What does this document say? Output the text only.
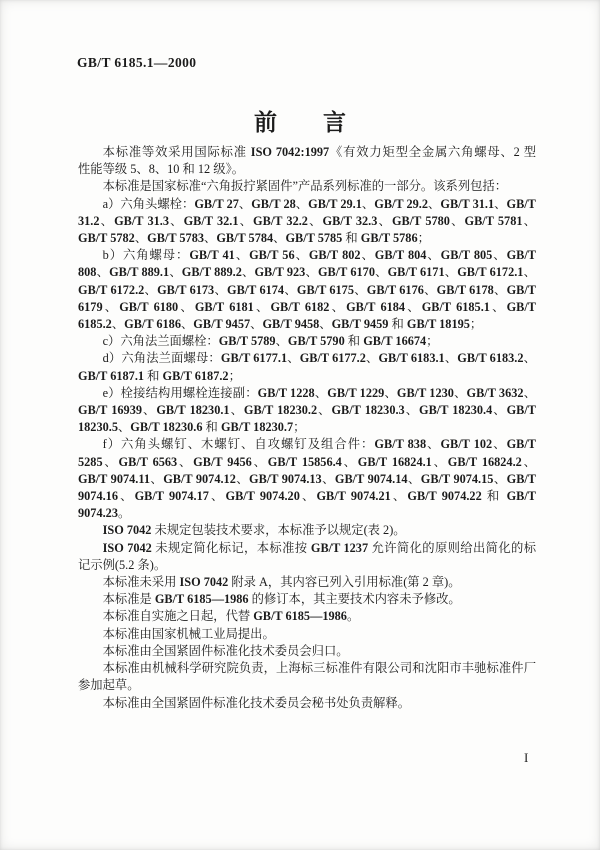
GB/T 6185.1—2000
前　　言

本标准等效采用国际标准 ISO 7042:1997《有效力矩型全金属六角螺母、2 型　性能等级 5、8、10 和 12 级》。

本标准是国家标准“六角扳拧紧固件”产品系列标准的一部分。该系列包括：

a）六角头螺栓：GB/T 27、GB/T 28、GB/T 29.1、GB/T 29.2、GB/T 31.1、GB/T 31.2、GB/T 31.3、GB/T 32.1、GB/T 32.2、GB/T 32.3、GB/T 5780、GB/T 5781、GB/T 5782、GB/T 5783、GB/T 5784、GB/T 5785 和 GB/T 5786；

b）六角螺母：GB/T 41、GB/T 56、GB/T 802、GB/T 804、GB/T 805、GB/T 808、GB/T 889.1、GB/T 889.2、GB/T 923、GB/T 6170、GB/T 6171、GB/T 6172.1、GB/T 6172.2、GB/T 6173、GB/T 6174、GB/T 6175、GB/T 6176、GB/T 6178、GB/T 6179、GB/T 6180、GB/T 6181、GB/T 6182、GB/T 6184、GB/T 6185.1、GB/T 6185.2、GB/T 6186、GB/T 9457、GB/T 9458、GB/T 9459 和 GB/T 18195；

c）六角法兰面螺栓：GB/T 5789、GB/T 5790 和 GB/T 16674；

d）六角法兰面螺母：GB/T 6177.1、GB/T 6177.2、GB/T 6183.1、GB/T 6183.2、GB/T 6187.1 和 GB/T 6187.2；

e）栓接结构用螺栓连接副：GB/T 1228、GB/T 1229、GB/T 1230、GB/T 3632、GB/T 16939、GB/T 18230.1、GB/T 18230.2、GB/T 18230.3、GB/T 18230.4、GB/T 18230.5、GB/T 18230.6 和 GB/T 18230.7；

f）六角头螺钉、木螺钉、自攻螺钉及组合件：GB/T 838、GB/T 102、GB/T 5285、GB/T 6563、GB/T 9456、GB/T 15856.4、GB/T 16824.1、GB/T 16824.2、GB/T 9074.11、GB/T 9074.12、GB/T 9074.13、GB/T 9074.14、GB/T 9074.15、GB/T 9074.16、GB/T 9074.17、GB/T 9074.20、GB/T 9074.21、GB/T 9074.22 和 GB/T 9074.23。

ISO 7042 未规定包装技术要求，本标准予以规定(表 2)。

ISO 7042 未规定简化标记，本标准按 GB/T 1237 允许简化的原则给出简化的标记示例(5.2 条)。

本标准未采用 ISO 7042 附录 A，其内容已列入引用标准(第 2 章)。

本标准是 GB/T 6185—1986 的修订本，其主要技术内容未予修改。

本标准自实施之日起，代替 GB/T 6185—1986。

本标准由国家机械工业局提出。

本标准由全国紧固件标准化技术委员会归口。

本标准由机械科学研究院负责，上海标三标准件有限公司和沈阳市丰驰标准件厂参加起草。

本标准由全国紧固件标准化技术委员会秘书处负责解释。

I
